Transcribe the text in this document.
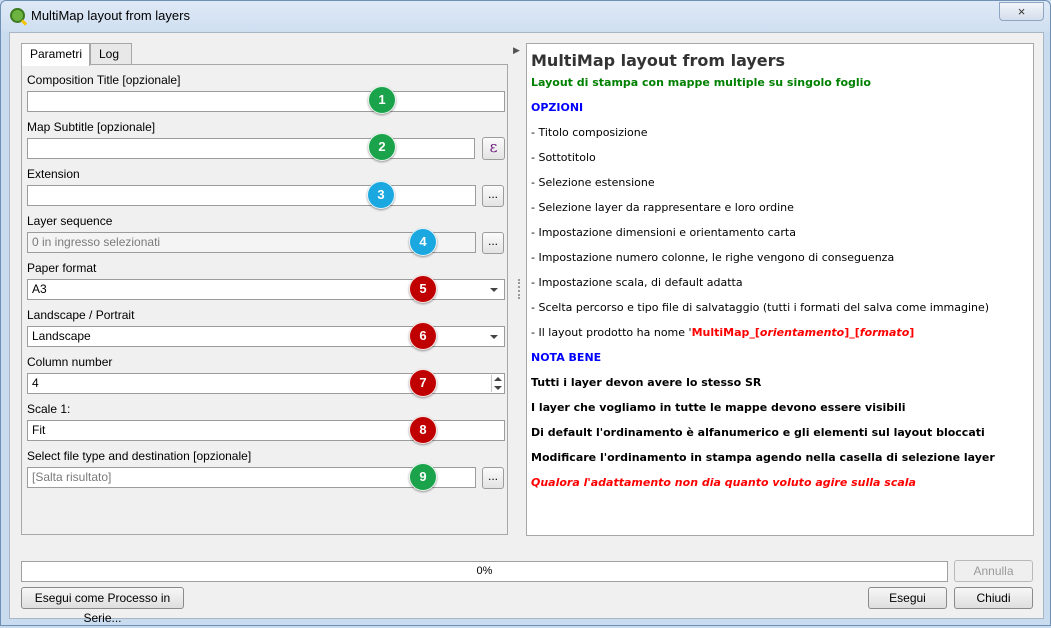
MultiMap layout from layers	×
Parametri	Log	▶
Composition Title [opzionale]
Map Subtitle [opzionale]
ε
Extension
...
Layer sequence
0 in ingresso selezionati	...
Paper format
A3
Landscape / Portrait
Landscape
Column number
4
Scale 1:
Fit
Select file type and destination [opzionale]
[Salta risultato]	...
1
2
3
4
5
6
7
8
9
MultiMap layout from layers
Layout di stampa con mappe multiple su singolo foglio
OPZIONI
- Titolo composizione
- Sottotitolo
- Selezione estensione
- Selezione layer da rappresentare e loro ordine
- Impostazione dimensioni e orientamento carta
- Impostazione numero colonne, le righe vengono di conseguenza
- Impostazione scala, di default adatta
- Scelta percorso e tipo file di salvataggio (tutti i formati del salva come immagine)
- Il layout prodotto ha nome 'MultiMap_[orientamento]_[formato]
NOTA BENE
Tutti i layer devon avere lo stesso SR
I layer che vogliamo in tutte le mappe devono essere visibili
Di default l'ordinamento è alfanumerico e gli elementi sul layout bloccati
Modificare l'ordinamento in stampa agendo nella casella di selezione layer
Qualora l'adattamento non dia quanto voluto agire sulla scala
0%	Annulla
Esegui come Processo in Serie...
Esegui	Chiudi
